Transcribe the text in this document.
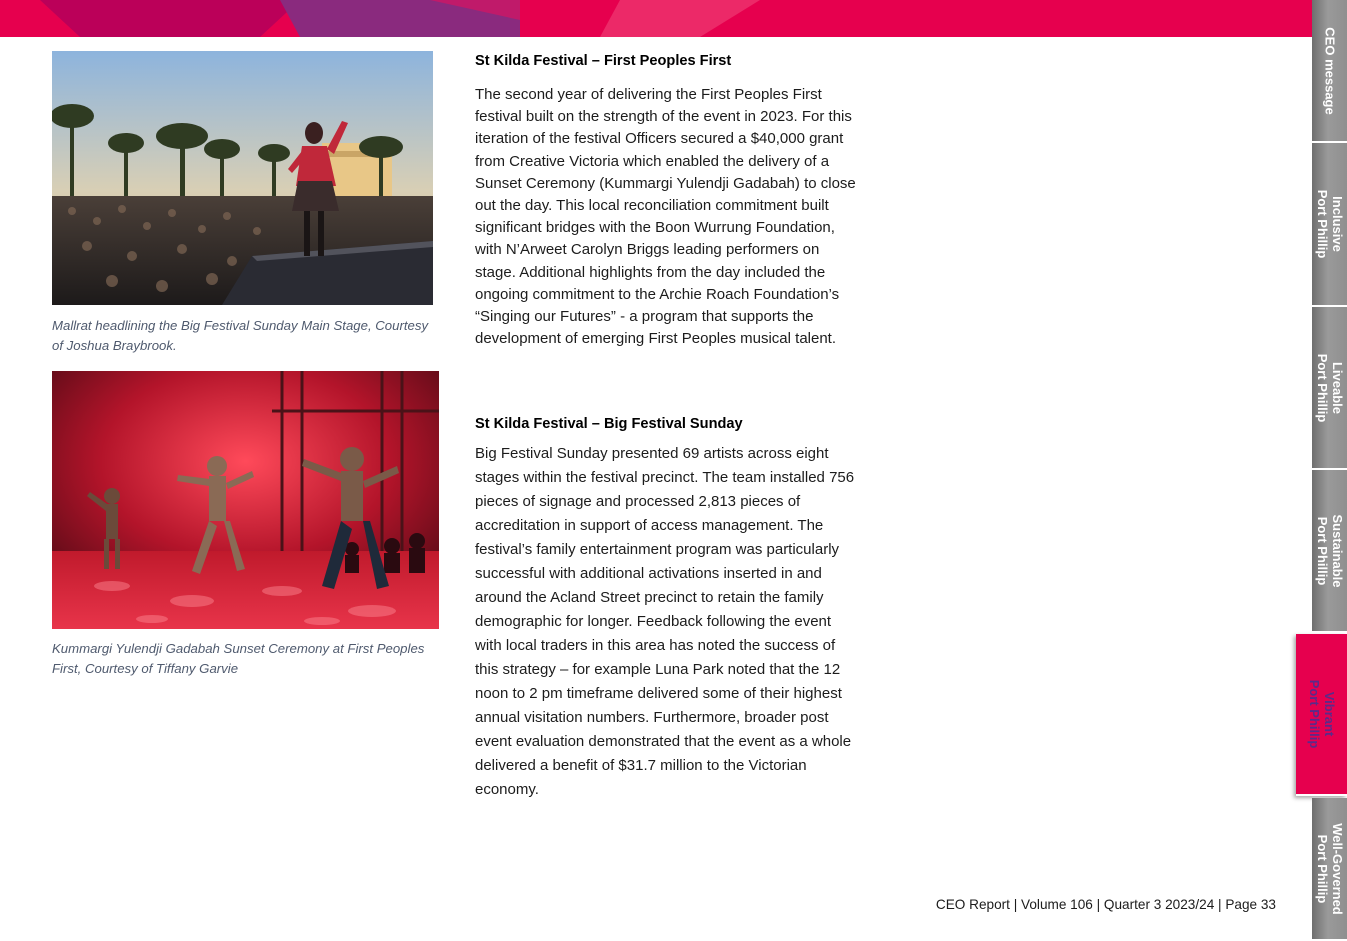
Mallrat headlining the Big Festival Sunday Main Stage, Courtesy of Joshua Braybrook.
Kummargi Yulendji Gadabah Sunset Ceremony at First Peoples First, Courtesy of Tiffany Garvie
St Kilda Festival – First Peoples First
The second year of delivering the First Peoples First festival built on the strength of the event in 2023. For this iteration of the festival Officers secured a $40,000 grant from Creative Victoria which enabled the delivery of a Sunset Ceremony (Kummargi Yulendji Gadabah) to close out the day. This local reconciliation commitment built significant bridges with the Boon Wurrung Foundation, with N’Arweet Carolyn Briggs leading performers on stage. Additional highlights from the day included the ongoing commitment to the Archie Roach Foundation’s “Singing our Futures” - a program that supports the development of emerging First Peoples musical talent.
St Kilda Festival – Big Festival Sunday
Big Festival Sunday presented 69 artists across eight stages within the festival precinct. The team installed 756 pieces of signage and processed 2,813 pieces of accreditation in support of access management. The festival’s family entertainment program was particularly successful with additional activations inserted in and around the Acland Street precinct to retain the family demographic for longer. Feedback following the event with local traders in this area has noted the success of this strategy – for example Luna Park noted that the 12 noon to 2 pm timeframe delivered some of their highest annual visitation numbers. Furthermore, broader post event evaluation demonstrated that the event as a whole delivered a benefit of $31.7 million to the Victorian economy.
CEO Report | Volume 106 | Quarter 3 2023/24 | Page 33
CEO message
Inclusive
Port Phillip
Liveable
Port Phillip
Sustainable
Port Phillip
Vibrant
Port Phillip
Well-Governed
Port Phillip
